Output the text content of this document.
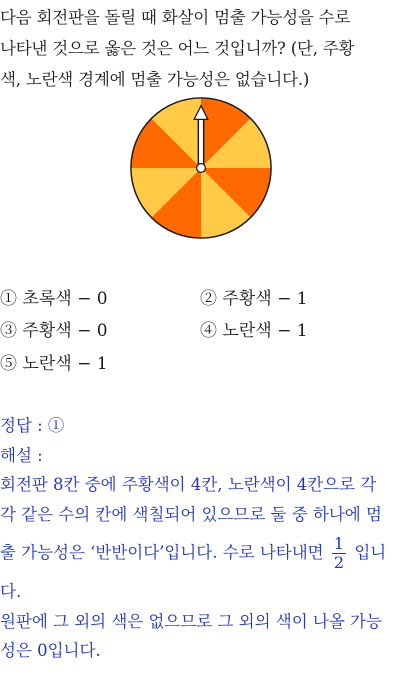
다음 회전판을 돌릴 때 화살이 멈출 가능성을 수로
나타낸 것으로 옳은 것은 어느 것입니까? (단, 주황
색, 노란색 경계에 멈출 가능성은 없습니다.)
① 초록색 − 0	② 주황색 − 1
③ 주황색 − 0	④ 노란색 − 1
⑤ 노란색 − 1
정답 : ①
해설 :
회전판 8칸 중에 주황색이 4칸, 노란색이 4칸으로 각
각 같은 수의 칸에 색칠되어 있으므로 둘 중 하나에 멈
출 가능성은 ‘반반이다’입니다. 수로 나타내면 $\frac{1}{2}$ 입니
다.
원판에 그 외의 색은 없으므로 그 외의 색이 나올 가능
성은 0입니다.
